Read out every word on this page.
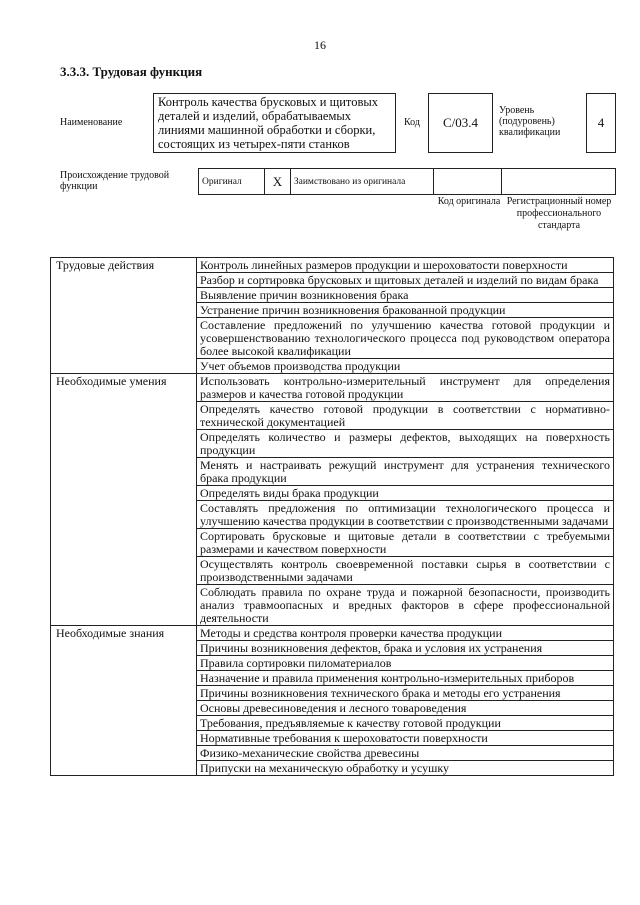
16
3.3.3. Трудовая функция
Наименование
Контроль качества брусковых и щитовых деталей и изделий, обрабатываемых линиями машинной обработки и сборки, состоящих из четырех-пяти станков
Код	С/03.4
Уровень (подуровень) квалификации
4
Происхождение трудовой функции	Оригинал	X	Заимствовано из оригинала		
Код оригинала Регистрационный номер профессионального стандарта
Трудовые действия	Контроль линейных размеров продукции и шероховатости поверхности
	Разбор и сортировка брусковых и щитовых деталей и изделий по видам брака
	Выявление причин возникновения брака
	Устранение причин возникновения бракованной продукции
	Составление предложений по улучшению качества готовой продукции и усовершенствованию технологического процесса под руководством оператора более высокой квалификации
	Учет объемов производства продукции
Необходимые умения	Использовать контрольно-измерительный инструмент для определения размеров и качества готовой продукции
	Определять качество готовой продукции в соответствии с нормативно-технической документацией
	Определять количество и размеры дефектов, выходящих на поверхность продукции
	Менять и настраивать режущий инструмент для устранения технического брака продукции
	Определять виды брака продукции
	Составлять предложения по оптимизации технологического процесса и улучшению качества продукции в соответствии с производственными задачами
	Сортировать брусковые и щитовые детали в соответствии с требуемыми размерами и качеством поверхности
	Осуществлять контроль своевременной поставки сырья в соответствии с производственными задачами
	Соблюдать правила по охране труда и пожарной безопасности, производить анализ травмоопасных и вредных факторов в сфере профессиональной деятельности
Необходимые знания	Методы и средства контроля проверки качества продукции
	Причины возникновения дефектов, брака и условия их устранения
	Правила сортировки пиломатериалов
	Назначение и правила применения контрольно-измерительных приборов
	Причины возникновения технического брака и методы его устранения
	Основы древесиноведения и лесного товароведения
	Требования, предъявляемые к качеству готовой продукции
	Нормативные требования к шероховатости поверхности
	Физико-механические свойства древесины
	Припуски на механическую обработку и усушку
